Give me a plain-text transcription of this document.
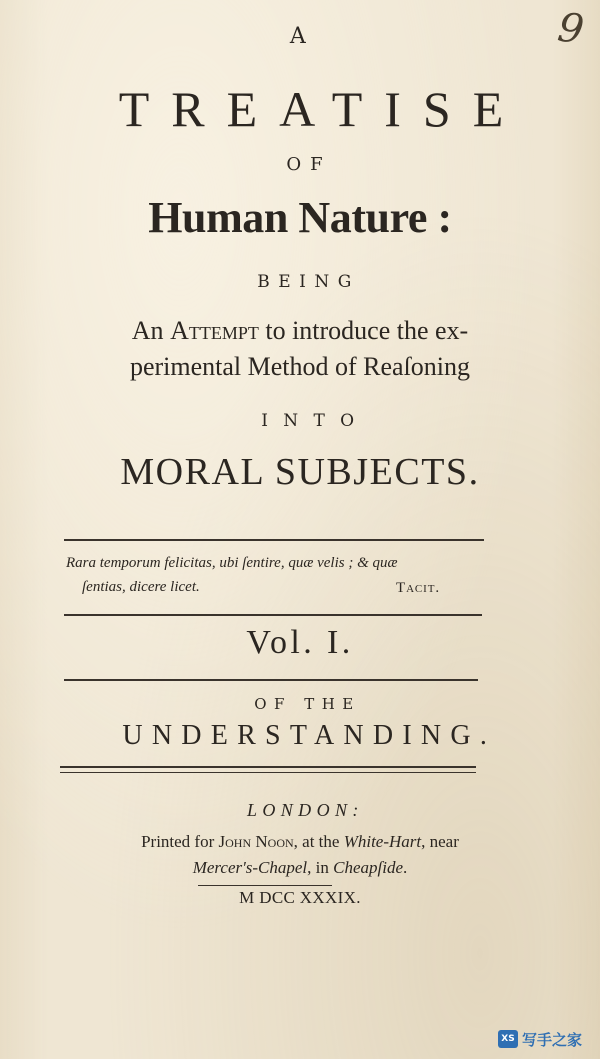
9
A
TREATISE
OF
Human Nature :
BEING
An Attempt to introduce the ex-
perimental Method of Reaſoning
INTO
MORAL SUBJECTS.
Rara temporum felicitas, ubi ſentire, quæ velis ; & quæ
ſentias, dicere licet.	Tacit.
Vol. I.
OF THE
UNDERSTANDING.
LONDON:
Printed for John Noon, at the White-Hart, near
Mercer's-Chapel, in Cheapſide.
M DCC XXXIX.
XS 写手之家
